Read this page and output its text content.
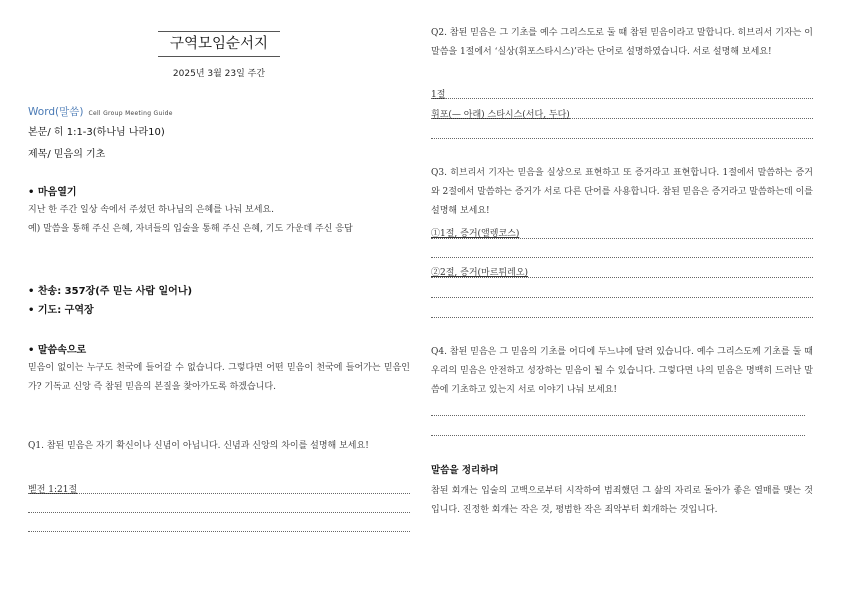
구역모임순서지
2025년 3월 23일 주간
Word(말씀) Cell Group Meeting Guide
본문/ 히 1:1-3(하나님 나라10)
제목/ 믿음의 기초
• 마음열기
지난 한 주간 일상 속에서 주셨던 하나님의 은혜를 나눠 보세요.
예) 말씀을 통해 주신 은혜, 자녀들의 입술을 통해 주신 은혜, 기도 가운데 주신 응답
• 찬송: 357장(주 믿는 사람 일어나)
• 기도: 구역장
• 말씀속으로
믿음이 없이는 누구도 천국에 들어갈 수 없습니다. 그렇다면 어떤 믿음이 천국에 들어가는 믿음인가? 기독교 신앙 즉 참된 믿음의 본질을 찾아가도록 하겠습니다.
Q1. 참된 믿음은 자기 확신이나 신념이 아닙니다. 신념과 신앙의 차이를 설명해 보세요!
벧전 1:21절
Q2. 참된 믿음은 그 기초를 예수 그리스도로 둘 때 참된 믿음이라고 말합니다. 히브리서 기자는 이 말씀을 1절에서 ‘실상(휘포스타시스)’라는 단어로 설명하였습니다. 서로 설명해 보세요!
1절
휘포(— 아래) 스타시스(서다, 두다)
Q3. 히브리서 기자는 믿음을 실상으로 표현하고 또 증거라고 표현합니다. 1절에서 말씀하는 증거와 2절에서 말씀하는 증거가 서로 다른 단어를 사용합니다. 참된 믿음은 증거라고 말씀하는데 이를 설명해 보세요!
①1절, 증거(앨렝코스)
②2절, 증거(마르튀레오)
Q4. 참된 믿음은 그 믿음의 기초를 어디에 두느냐에 달려 있습니다. 예수 그리스도께 기초를 둘 때 우리의 믿음은 안전하고 성장하는 믿음이 될 수 있습니다. 그렇다면 나의 믿음은 명백히 드러난 말씀에 기초하고 있는지 서로 이야기 나눠 보세요!
말씀을 정리하며
참된 회개는 입술의 고백으로부터 시작하여 범죄했던 그 삶의 자리로 돌아가 좋은 열매를 맺는 것입니다. 진정한 회개는 작은 것, 평범한 작은 죄악부터 회개하는 것입니다.
